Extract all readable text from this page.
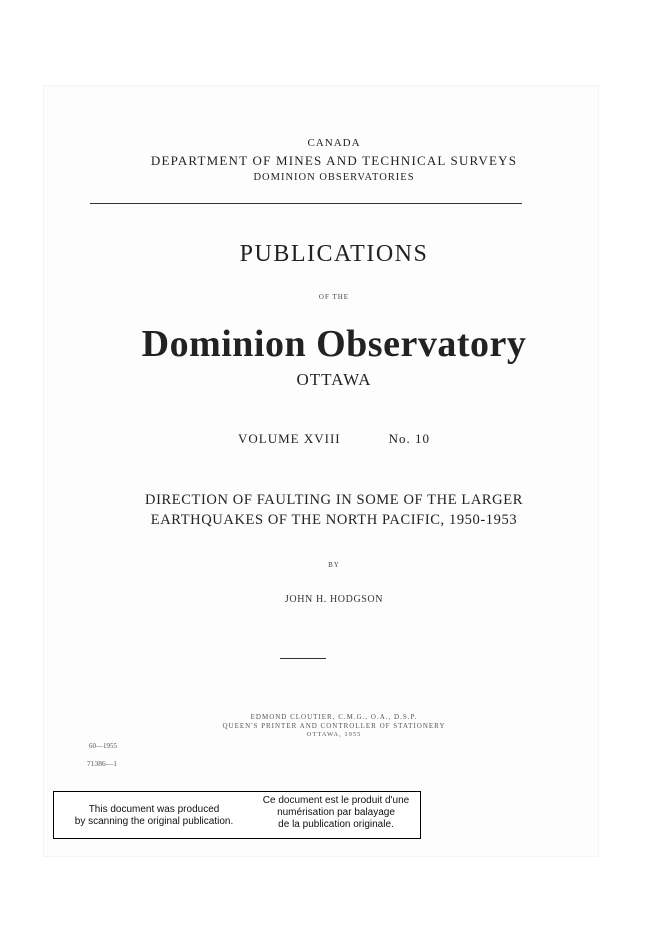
CANADA
DEPARTMENT OF MINES AND TECHNICAL SURVEYS
DOMINION OBSERVATORIES
PUBLICATIONS
OF THE
Dominion Observatory
OTTAWA
VOLUME XVIII	No. 10
DIRECTION OF FAULTING IN SOME OF THE LARGER
EARTHQUAKES OF THE NORTH PACIFIC, 1950-1953
BY
JOHN H. HODGSON
EDMOND CLOUTIER, C.M.G., O.A., D.S.P.
QUEEN'S PRINTER AND CONTROLLER OF STATIONERY
OTTAWA, 1955
60—1955
71386—1
This document was produced
by scanning the original publication.
Ce document est le produit d'une
numérisation par balayage
de la publication originale.
